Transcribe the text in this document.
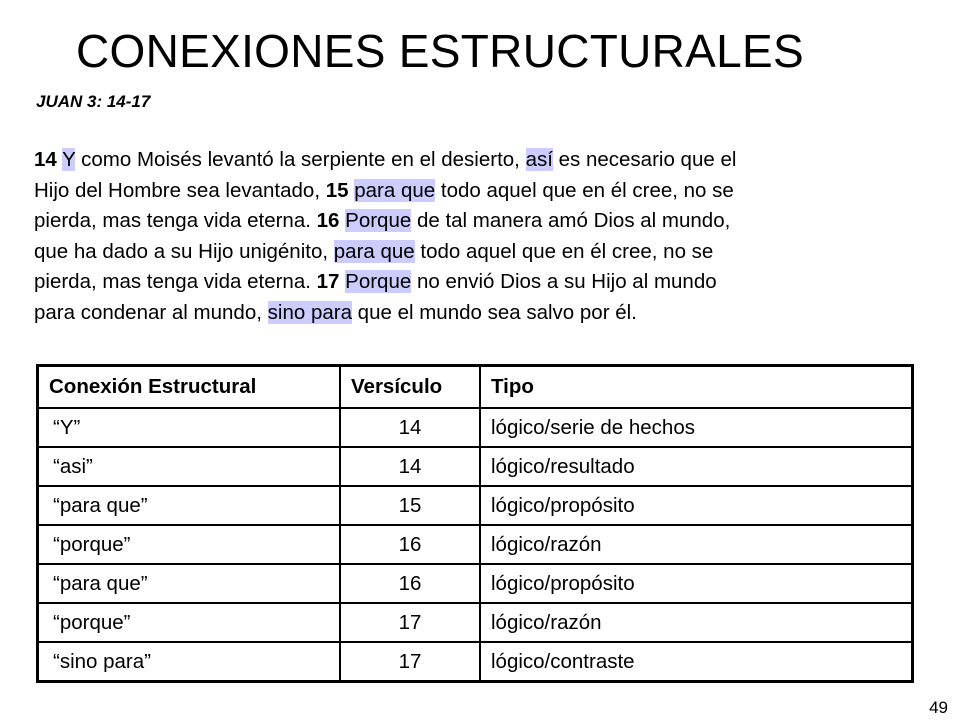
CONEXIONES ESTRUCTURALES
JUAN 3: 14-17
14 Y como Moisés levantó la serpiente en el desierto, así es necesario que el
Hijo del Hombre sea levantado, 15 para que todo aquel que en él cree, no se
pierda, mas tenga vida eterna. 16 Porque de tal manera amó Dios al mundo,
que ha dado a su Hijo unigénito, para que todo aquel que en él cree, no se
pierda, mas tenga vida eterna. 17 Porque no envió Dios a su Hijo al mundo
para condenar al mundo, sino para que el mundo sea salvo por él.
Conexión Estructural	Versículo	Tipo
“Y”	14	lógico/serie de hechos
“asi”	14	lógico/resultado
“para que”	15	lógico/propósito
“porque”	16	lógico/razón
“para que”	16	lógico/propósito
“porque”	17	lógico/razón
“sino para”	17	lógico/contraste
49
